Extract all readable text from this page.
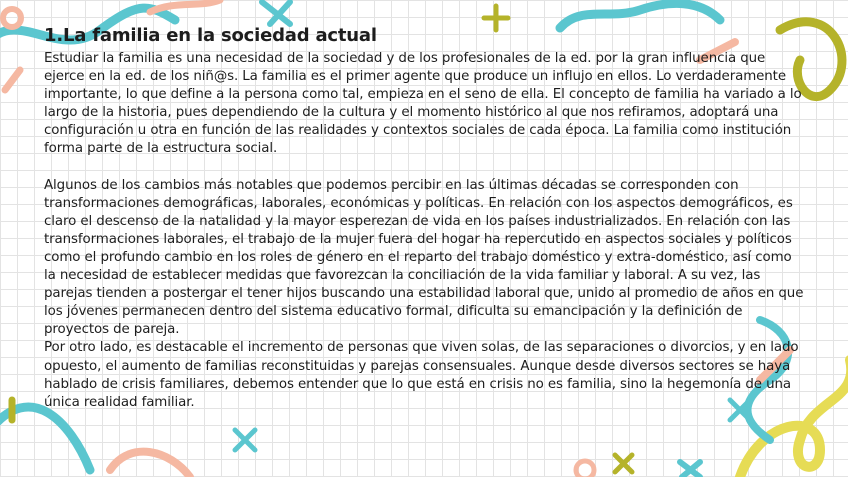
1.La familia en la sociedad actual

Estudiar la familia es una necesidad de la sociedad y de los profesionales de la ed. por la gran influencia que ejerce en la ed. de los niñ@s. La familia es el primer agente que produce un influjo en ellos. Lo verdaderamente importante, lo que define a la persona como tal, empieza en el seno de ella. El concepto de familia ha variado a lo largo de la historia, pues dependiendo de la cultura y el momento histórico al que nos refiramos, adoptará una configuración u otra en función de las realidades y contextos sociales de cada época. La familia como institución forma parte de la estructura social.

Algunos de los cambios más notables que podemos percibir en las últimas décadas se corresponden con transformaciones demográficas, laborales, económicas y políticas. En relación con los aspectos demográficos, es claro el descenso de la natalidad y la mayor esperezan de vida en los países industrializados. En relación con las transformaciones laborales, el trabajo de la mujer fuera del hogar ha repercutido en aspectos sociales y políticos como el profundo cambio en los roles de género en el reparto del trabajo doméstico y extra-doméstico, así como la necesidad de establecer medidas que favorezcan la conciliación de la vida familiar y laboral. A su vez, las parejas tienden a postergar el tener hijos buscando una estabilidad laboral que, unido al promedio de años en que los jóvenes permanecen dentro del sistema educativo formal, dificulta su emancipación y la definición de proyectos de pareja.

Por otro lado, es destacable el incremento de personas que viven solas, de las separaciones o divorcios, y en lado opuesto, el aumento de familias reconstituidas y parejas consensuales. Aunque desde diversos sectores se haya hablado de crisis familiares, debemos entender que lo que está en crisis no es familia, sino la hegemonía de una única realidad familiar.
